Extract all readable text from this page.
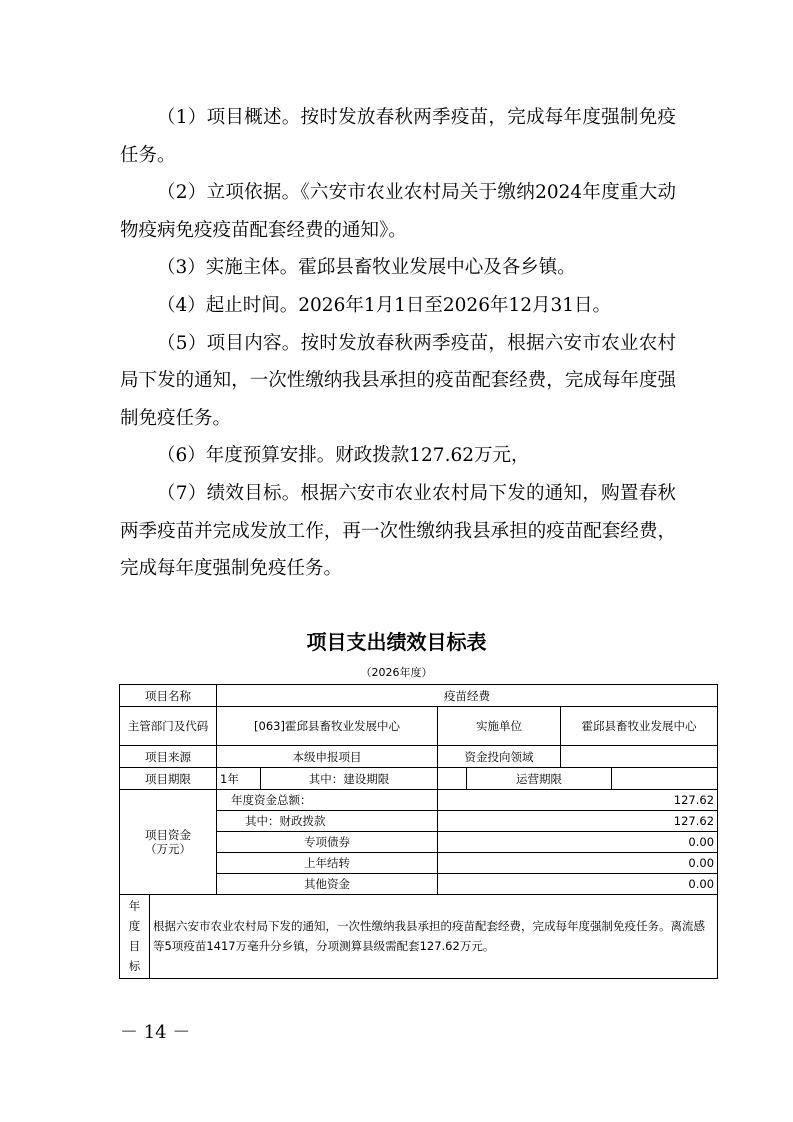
（1）项目概述。按时发放春秋两季疫苗，完成每年度强制免疫任务。

（2）立项依据。《六安市农业农村局关于缴纳2024年度重大动物疫病免疫疫苗配套经费的通知》。

（3）实施主体。霍邱县畜牧业发展中心及各乡镇。

（4）起止时间。2026年1月1日至2026年12月31日。

（5）项目内容。按时发放春秋两季疫苗，根据六安市农业农村局下发的通知，一次性缴纳我县承担的疫苗配套经费，完成每年度强制免疫任务。

（6）年度预算安排。财政拨款127.62万元，

（7）绩效目标。根据六安市农业农村局下发的通知，购置春秋两季疫苗并完成发放工作，再一次性缴纳我县承担的疫苗配套经费，完成每年度强制免疫任务。

项目支出绩效目标表
（2026年度）
项目名称	疫苗经费					
主管部门及代码	[063]霍邱县畜牧业发展中心		实施单位		霍邱县畜牧业发展中心	
项目来源	本级申报项目		资金投向领域			
项目期限	1年	其中：建设期限		运营期限		
项目资金（万元）	年度资金总额：		127.62			
	其中：财政拨款		127.62			
	专项债券		0.00			
	上年结转		0.00			
	其他资金		0.00			
年度目标	根据六安市农业农村局下发的通知，一次性缴纳我县承担的疫苗配套经费，完成每年度强制免疫任务。离流感等5项疫苗1417万毫升分乡镇，分项测算县级需配套127.62万元。
－ 14 －
